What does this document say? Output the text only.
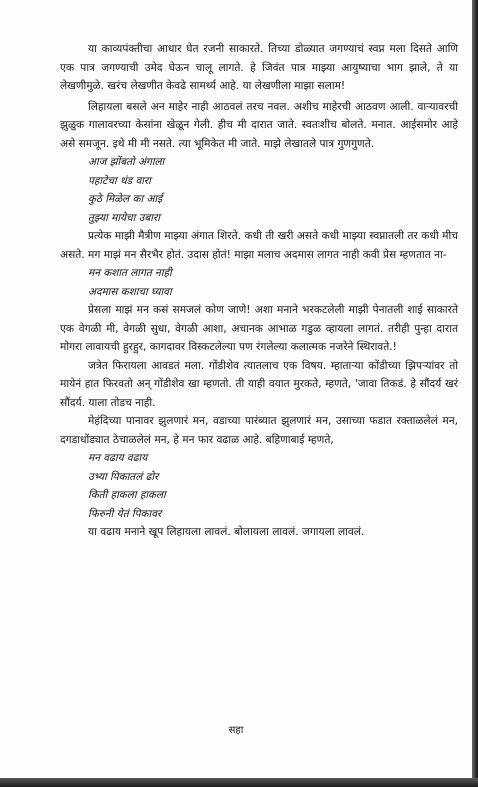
या काव्यपंक्तीचा आधार घेत रजनी साकारते. तिच्या डोळ्यात जगण्याचं स्वप्न मला दिसते आणि एक पात्र जगण्याची उमेद घेऊन चालू लागते. हे जिवंत पात्र माझ्या आयुष्याचा भाग झाले, ते या लेखणीमुळे. खरंच लेखणीत केवढे सामर्थ्य आहे. या लेखणीला माझा सलाम!

लिहायला बसले अन माहेर नाही आठवलं तरच नवल. अशीच माहेरची आठवण आली. वाऱ्यावरची झुळुक गालावरच्या केसांना खेळून गेली. हीच मी दारात जाते. स्वतःशीच बोलते. मनात. आईसमोर आहे असे समजून. इथे मी मी नसते. त्या भूमिकेत मी जाते. माझे लेखातले पात्र गुणगुणते.

आज झोंबतो अंगाला
पहाटेचा थंड वारा
कुठे मिळेल का आई
तुझ्या मायेचा उबारा

प्रत्येक माझी मैत्रीण माझ्या अंगात शिरते. कधी ती खरी असते कधी माझ्या स्वप्नातली तर कधी मीच असते. मग माझं मन सैरभैर होतं. उदास होतं! माझा मलाच अदमास लागत नाही कवी प्रेस म्हणतात ना-

मन कशात लागत नाही
अदमास कशाचा घ्यावा

प्रेसला माझं मन कसं समजलं कोण जाणे! अशा मनाने भरकटलेली माझी पेनातली शाई साकारते एक वेगळी मी, वेगळी सुधा, वेगळी आशा, अचानक आभाळ गडुळ व्हायला लागतं. तरीही पुन्हा दारात मोगरा लावायची हुरहुर, कागदावर विस्कटलेल्या पण रंगलेल्या कलात्मक नजरेने स्थिरावते.!

जत्रेत फिरायला आवडतं मला. गोंडीशेव त्यातलाच एक विषय. म्हाताऱ्या कोंडीच्या झिपऱ्यांवर तो मायेनं हात फिरवतो अन् गोंडीशेव खा म्हणतो. ती याही वयात मुरकते, म्हणते, 'जावा तिकडं. हे सौंदर्य खरं सौंदर्य. याला तोडच नाही.

मेहंदिच्या पानावर झुलणारं मन, वडाच्या पारंब्यात झुलणारं मन, उसाच्या फडात रक्ताळलेलं मन, दगडाधोंड्यात ठेचाळलेलं मन, हे मन फार वढाळ आहे. बहिणाबाई म्हणते,

मन वढाय वढाय
उभ्या पिकातलं ढोर
किती हाकला हाकला
फिरुनी येतं पिकावर

या वढाय मनाने खूप लिहायला लावलं. बोलायला लावलं. जगायला लावलं.

सहा
